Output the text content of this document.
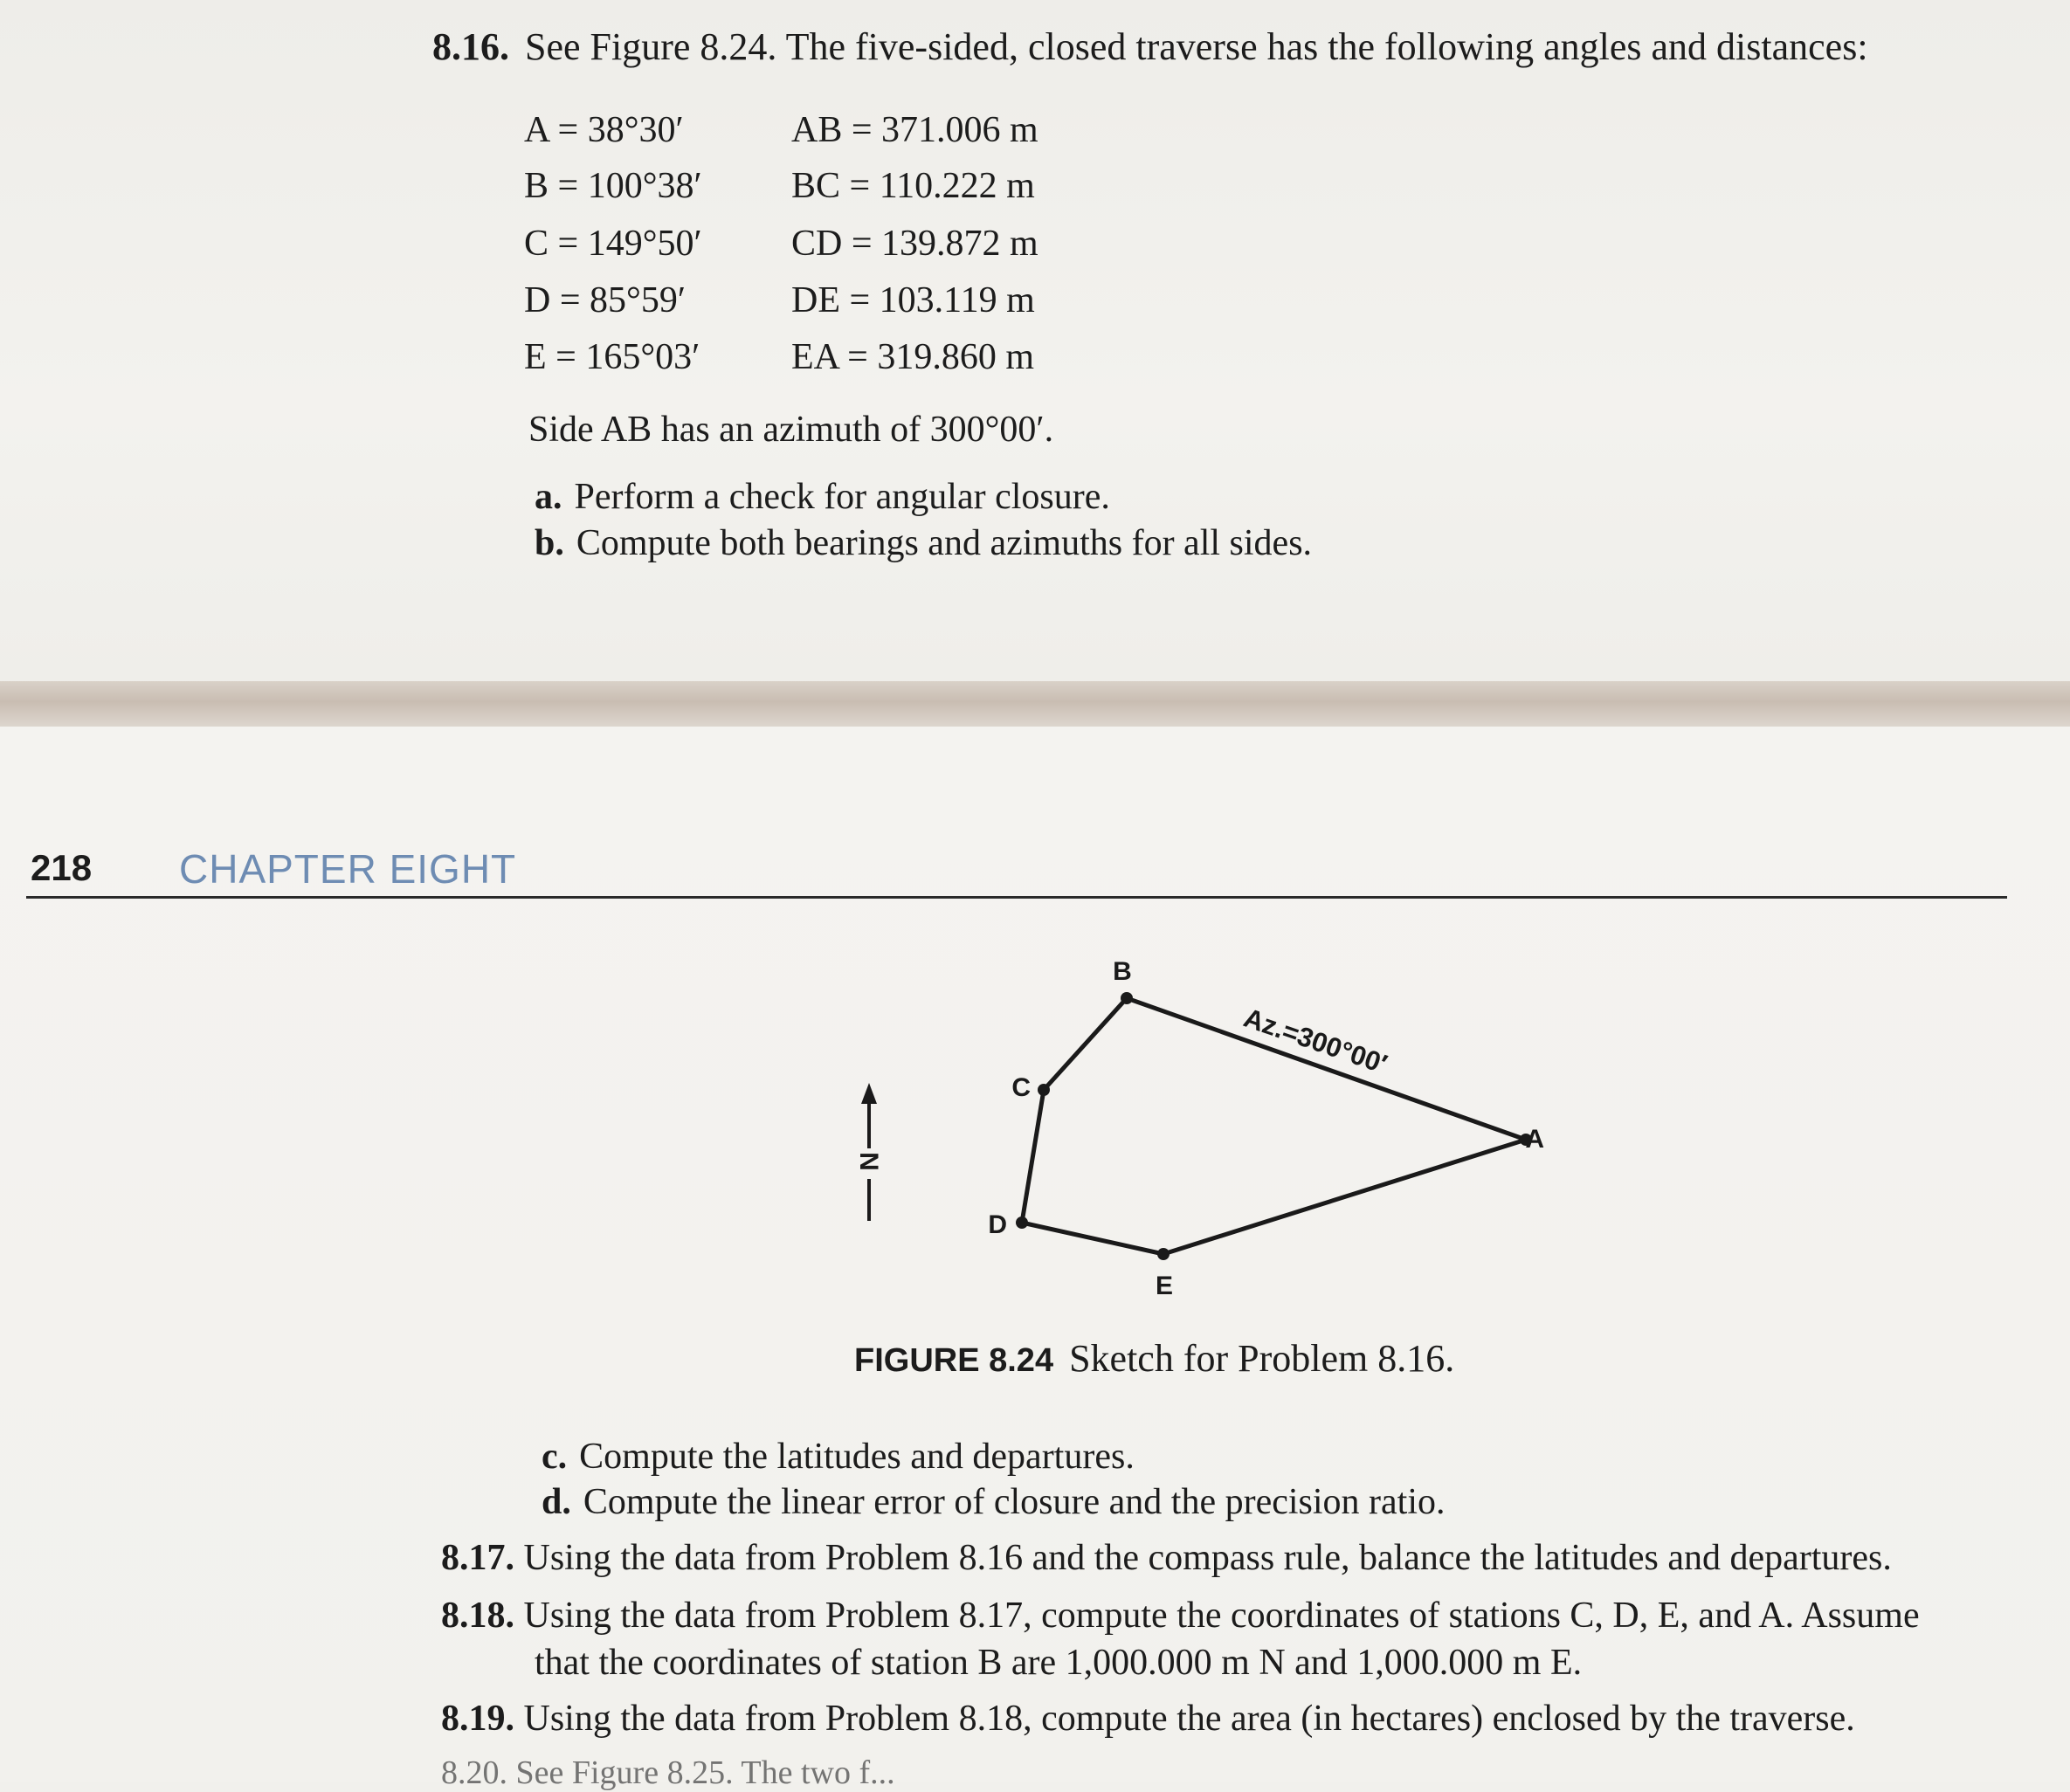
8.16. See Figure 8.24. The five-sided, closed traverse has the following angles and distances:
A = 38°30′	AB = 371.006 m
B = 100°38′ BC = 110.222 m
C = 149°50′ CD = 139.872 m
D = 85°59′	DE = 103.119 m
E = 165°03′ EA = 319.860 m
Side AB has an azimuth of 300°00′.
a. Perform a check for angular closure.
b. Compute both bearings and azimuths for all sides.
218 CHAPTER EIGHT
N
A
B
C
D
E
Az.=300°00′
FIGURE 8.24 Sketch for Problem 8.16.
c. Compute the latitudes and departures.
d. Compute the linear error of closure and the precision ratio.
8.17. Using the data from Problem 8.16 and the compass rule, balance the latitudes and departures.
8.18. Using the data from Problem 8.17, compute the coordinates of stations C, D, E, and A. Assume
that the coordinates of station B are 1,000.000 m N and 1,000.000 m E.
8.19. Using the data from Problem 8.18, compute the area (in hectares) enclosed by the traverse.
8.20. See Figure 8.25. The two f...
